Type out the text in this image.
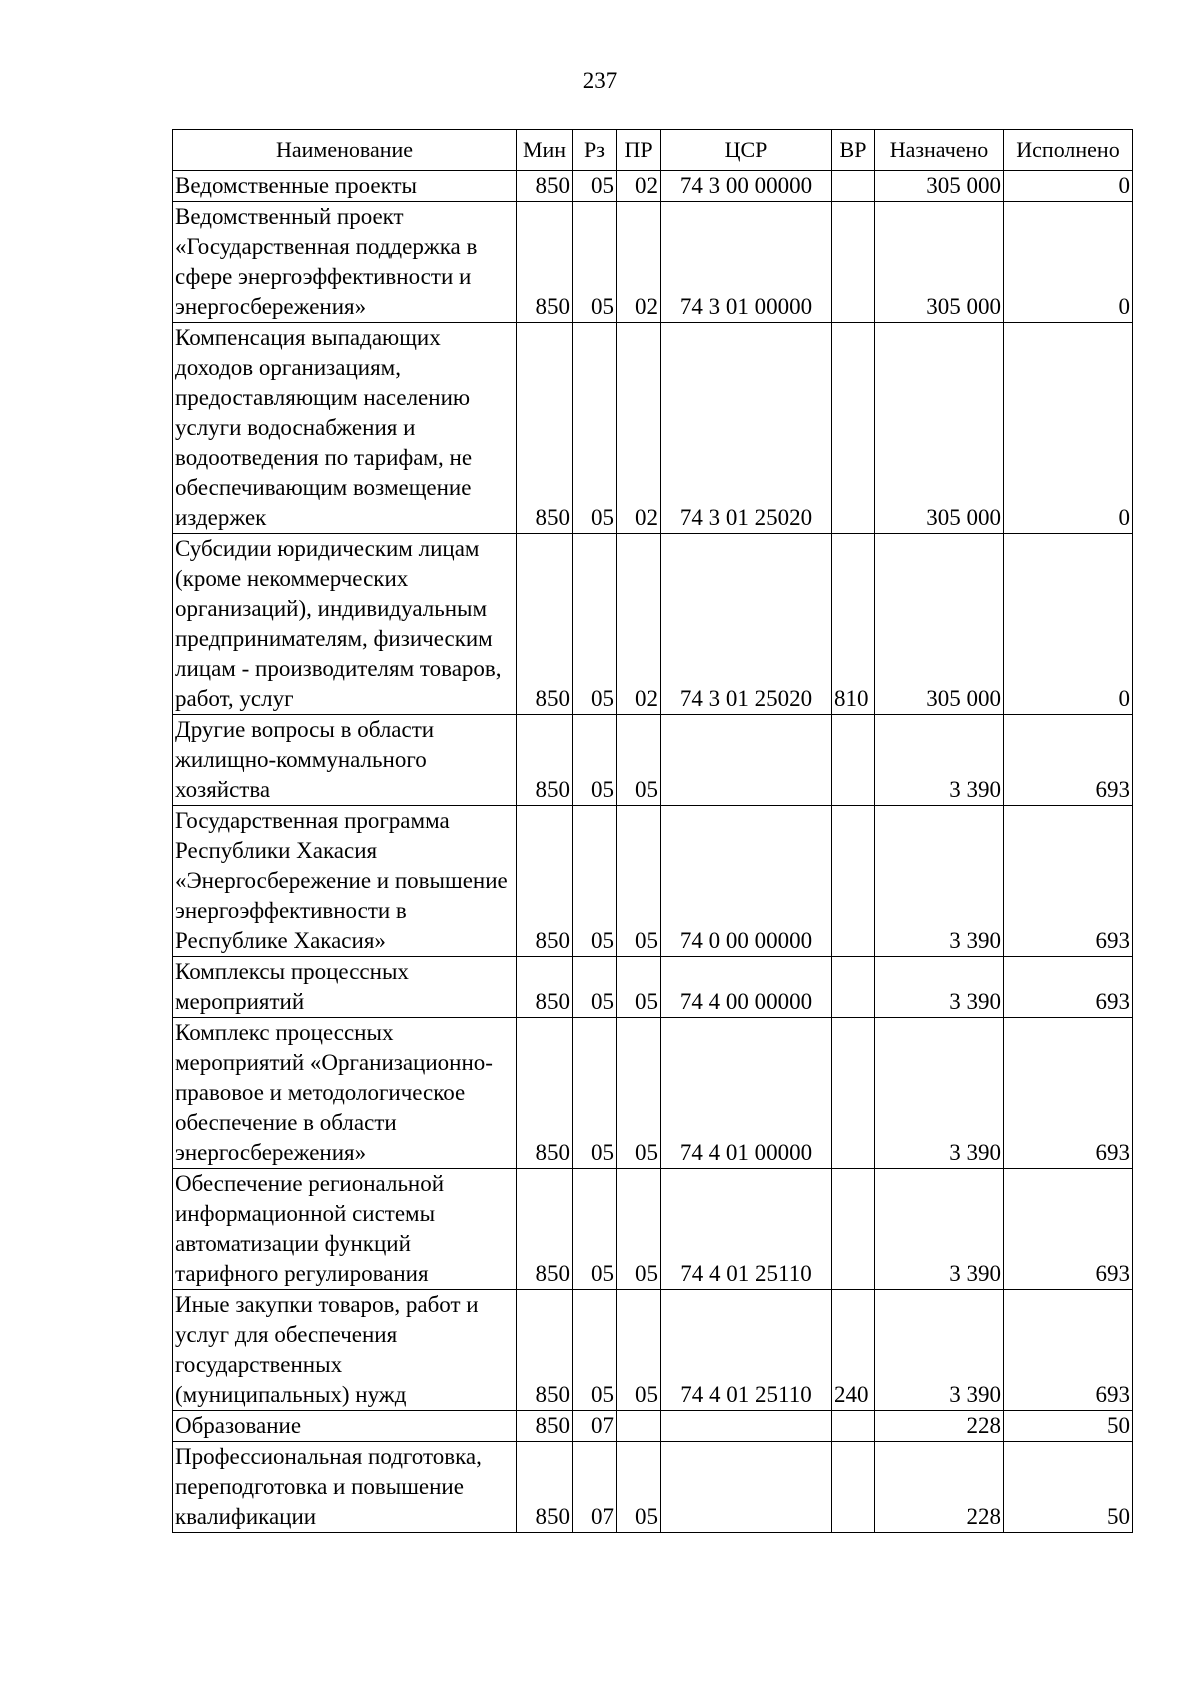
237
Наименование	Мин	Рз	ПР	ЦСР	ВР	Назначено	Исполнено
Ведомственные проекты	850	05	02	74 3 00 00000		305 000	0
Ведомственный проект «Государственная поддержка в сфере энергоэффективности и энергосбережения»	850	05	02	74 3 01 00000		305 000	0
Компенсация выпадающих доходов организациям, предоставляющим населению услуги водоснабжения и водоотведения по тарифам, не обеспечивающим возмещение издержек	850	05	02	74 3 01 25020		305 000	0
Субсидии юридическим лицам (кроме некоммерческих организаций), индивидуальным предпринимателям, физическим лицам - производителям товаров, работ, услуг	850	05	02	74 3 01 25020	810	305 000	0
Другие вопросы в области жилищно-коммунального хозяйства	850	05	05			3 390	693
Государственная программа Республики Хакасия «Энергосбережение и повышение энергоэффективности в Республике Хакасия»	850	05	05	74 0 00 00000		3 390	693
Комплексы процессных мероприятий	850	05	05	74 4 00 00000		3 390	693
Комплекс процессных мероприятий «Организационно-правовое и методологическое обеспечение в области энергосбережения»	850	05	05	74 4 01 00000		3 390	693
Обеспечение региональной информационной системы автоматизации функций тарифного регулирования	850	05	05	74 4 01 25110		3 390	693
Иные закупки товаров, работ и услуг для обеспечения государственных (муниципальных) нужд	850	05	05	74 4 01 25110	240	3 390	693
Образование	850	07				228	50
Профессиональная подготовка, переподготовка и повышение квалификации	850	07	05			228	50
